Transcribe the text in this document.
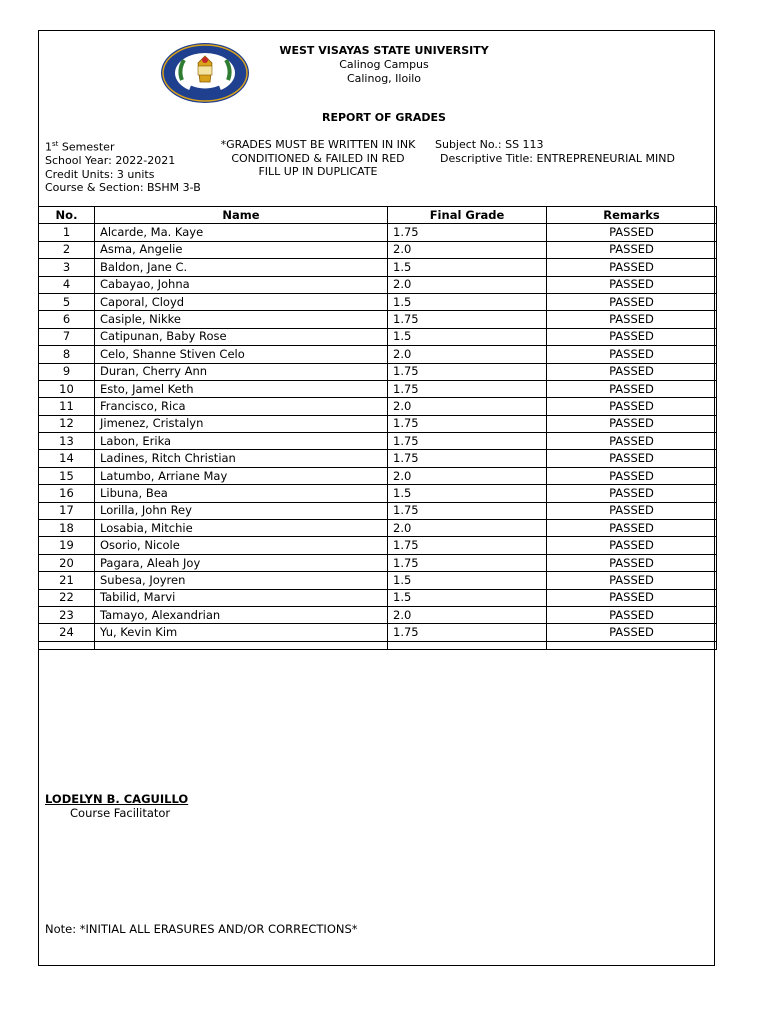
WEST VISAYAS STATE UNIVERSITY
Calinog Campus
Calinog, Iloilo
REPORT OF GRADES
1st Semester
School Year: 2022-2021
Credit Units: 3 units
Course & Section: BSHM 3-B
*GRADES MUST BE WRITTEN IN INK
CONDITIONED & FAILED IN RED
FILL UP IN DUPLICATE
Subject No.: SS 113
Descriptive Title: ENTREPRENEURIAL MIND
No.	Name	Final Grade	Remarks
1	Alcarde, Ma. Kaye	1.75	PASSED
2	Asma, Angelie	2.0	PASSED
3	Baldon, Jane C.	1.5	PASSED
4	Cabayao, Johna	2.0	PASSED
5	Caporal, Cloyd	1.5	PASSED
6	Casiple, Nikke	1.75	PASSED
7	Catipunan, Baby Rose	1.5	PASSED
8	Celo, Shanne Stiven Celo	2.0	PASSED
9	Duran, Cherry Ann	1.75	PASSED
10	Esto, Jamel Keth	1.75	PASSED
11	Francisco, Rica	2.0	PASSED
12	Jimenez, Cristalyn	1.75	PASSED
13	Labon, Erika	1.75	PASSED
14	Ladines, Ritch Christian	1.75	PASSED
15	Latumbo, Arriane May	2.0	PASSED
16	Libuna, Bea	1.5	PASSED
17	Lorilla, John Rey	1.75	PASSED
18	Losabia, Mitchie	2.0	PASSED
19	Osorio, Nicole	1.75	PASSED
20	Pagara, Aleah Joy	1.75	PASSED
21	Subesa, Joyren	1.5	PASSED
22	Tabilid, Marvi	1.5	PASSED
23	Tamayo, Alexandrian	2.0	PASSED
24	Yu, Kevin Kim	1.75	PASSED

LODELYN B. CAGUILLO
Course Facilitator
Note: *INITIAL ALL ERASURES AND/OR CORRECTIONS*
